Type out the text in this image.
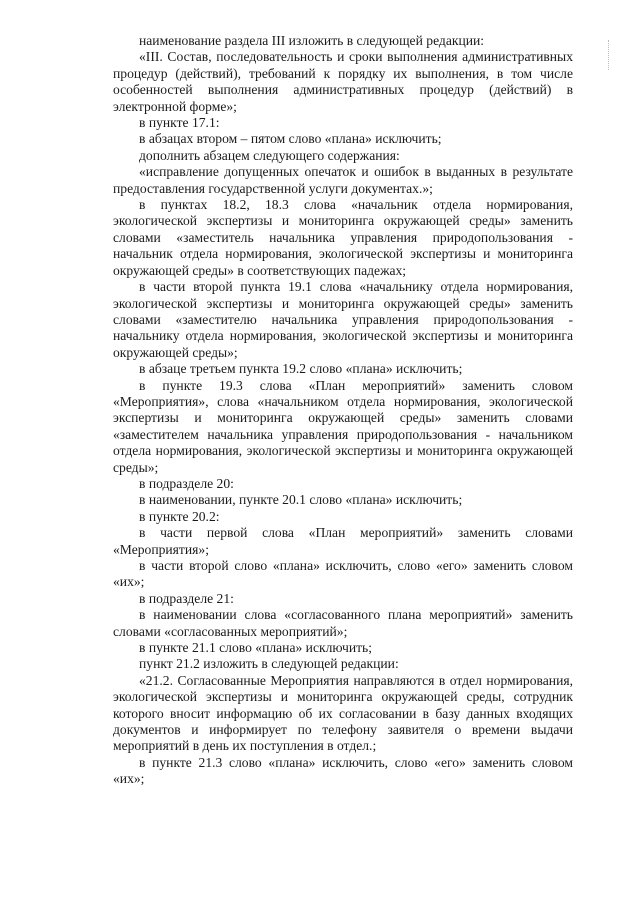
наименование раздела III изложить в следующей редакции:

«III. Состав, последовательность и сроки выполнения административных процедур (действий), требований к порядку их выполнения, в том числе особенностей выполнения административных процедур (действий) в электронной форме»;

в пункте 17.1:

в абзацах втором – пятом слово «плана» исключить;

дополнить абзацем следующего содержания:

«исправление допущенных опечаток и ошибок в выданных в результате предоставления государственной услуги документах.»;

в пунктах 18.2, 18.3 слова «начальник отдела нормирования, экологической экспертизы и мониторинга окружающей среды» заменить словами «заместитель начальника управления природопользования - начальник отдела нормирования, экологической экспертизы и мониторинга окружающей среды» в соответствующих падежах;

в части второй пункта 19.1 слова «начальнику отдела нормирования, экологической экспертизы и мониторинга окружающей среды» заменить словами «заместителю начальника управления природопользования - начальнику отдела нормирования, экологической экспертизы и мониторинга окружающей среды»;

в абзаце третьем пункта 19.2 слово «плана» исключить;

в пункте 19.3 слова «План мероприятий» заменить словом «Мероприятия», слова «начальником отдела нормирования, экологической экспертизы и мониторинга окружающей среды» заменить словами «заместителем начальника управления природопользования - начальником отдела нормирования, экологической экспертизы и мониторинга окружающей среды»;

в подразделе 20:

в наименовании, пункте 20.1 слово «плана» исключить;

в пункте 20.2:

в части первой слова «План мероприятий» заменить словами «Мероприятия»;

в части второй слово «плана» исключить, слово «его» заменить словом «их»;

в подразделе 21:

в наименовании слова «согласованного плана мероприятий» заменить словами «согласованных мероприятий»;

в пункте 21.1 слово «плана» исключить;

пункт 21.2 изложить в следующей редакции:

«21.2. Согласованные Мероприятия направляются в отдел нормирования, экологической экспертизы и мониторинга окружающей среды, сотрудник которого вносит информацию об их согласовании в базу данных входящих документов и информирует по телефону заявителя о времени выдачи мероприятий в день их поступления в отдел.;

в пункте 21.3 слово «плана» исключить, слово «его» заменить словом «их»;
